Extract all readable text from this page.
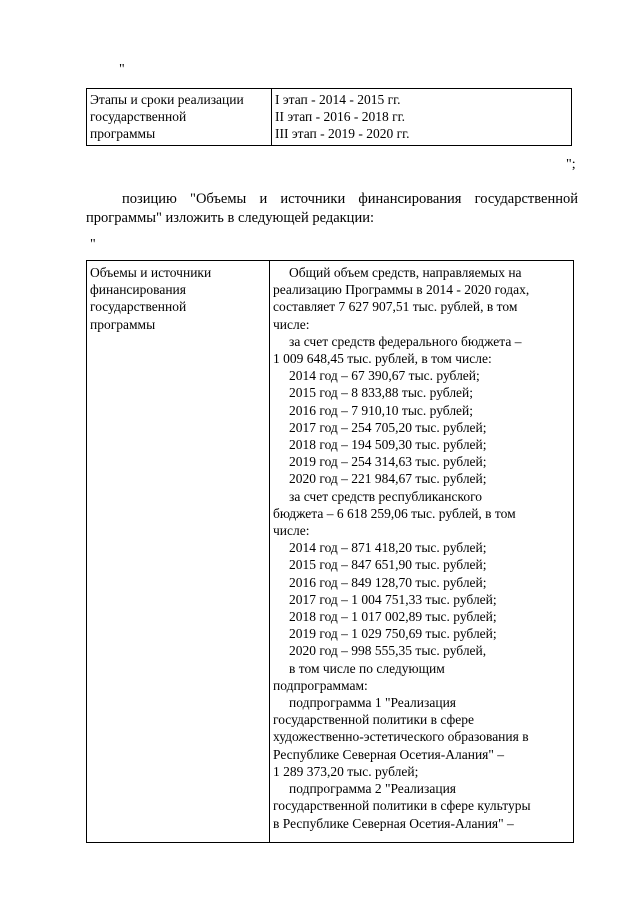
"
Этапы и сроки реализации
государственной
программы

I этап - 2014 - 2015 гг.
II этап - 2016 - 2018 гг.
III этап - 2019 - 2020 гг.
";
позицию "Объемы и источники финансирования государственной программы" изложить в следующей редакции:
"
Объемы и источники
финансирования
государственной
программы

Общий объем средств, направляемых на
реализацию Программы в 2014 - 2020 годах,
составляет 7 627 907,51 тыс. рублей, в том
числе:
за счет средств федерального бюджета –
1 009 648,45 тыс. рублей, в том числе:
2014 год – 67 390,67 тыс. рублей;
2015 год – 8 833,88 тыс. рублей;
2016 год – 7 910,10 тыс. рублей;
2017 год – 254 705,20 тыс. рублей;
2018 год – 194 509,30 тыс. рублей;
2019 год – 254 314,63 тыс. рублей;
2020 год – 221 984,67 тыс. рублей;
за счет средств республиканского
бюджета – 6 618 259,06 тыс. рублей, в том
числе:
2014 год – 871 418,20 тыс. рублей;
2015 год – 847 651,90 тыс. рублей;
2016 год – 849 128,70 тыс. рублей;
2017 год – 1 004 751,33 тыс. рублей;
2018 год – 1 017 002,89 тыс. рублей;
2019 год – 1 029 750,69 тыс. рублей;
2020 год – 998 555,35 тыс. рублей,
в том числе по следующим
подпрограммам:
подпрограмма 1 "Реализация
государственной политики в сфере
художественно-эстетического образования в
Республике Северная Осетия-Алания" –
1 289 373,20 тыс. рублей;
подпрограмма 2 "Реализация
государственной политики в сфере культуры
в Республике Северная Осетия-Алания" –
